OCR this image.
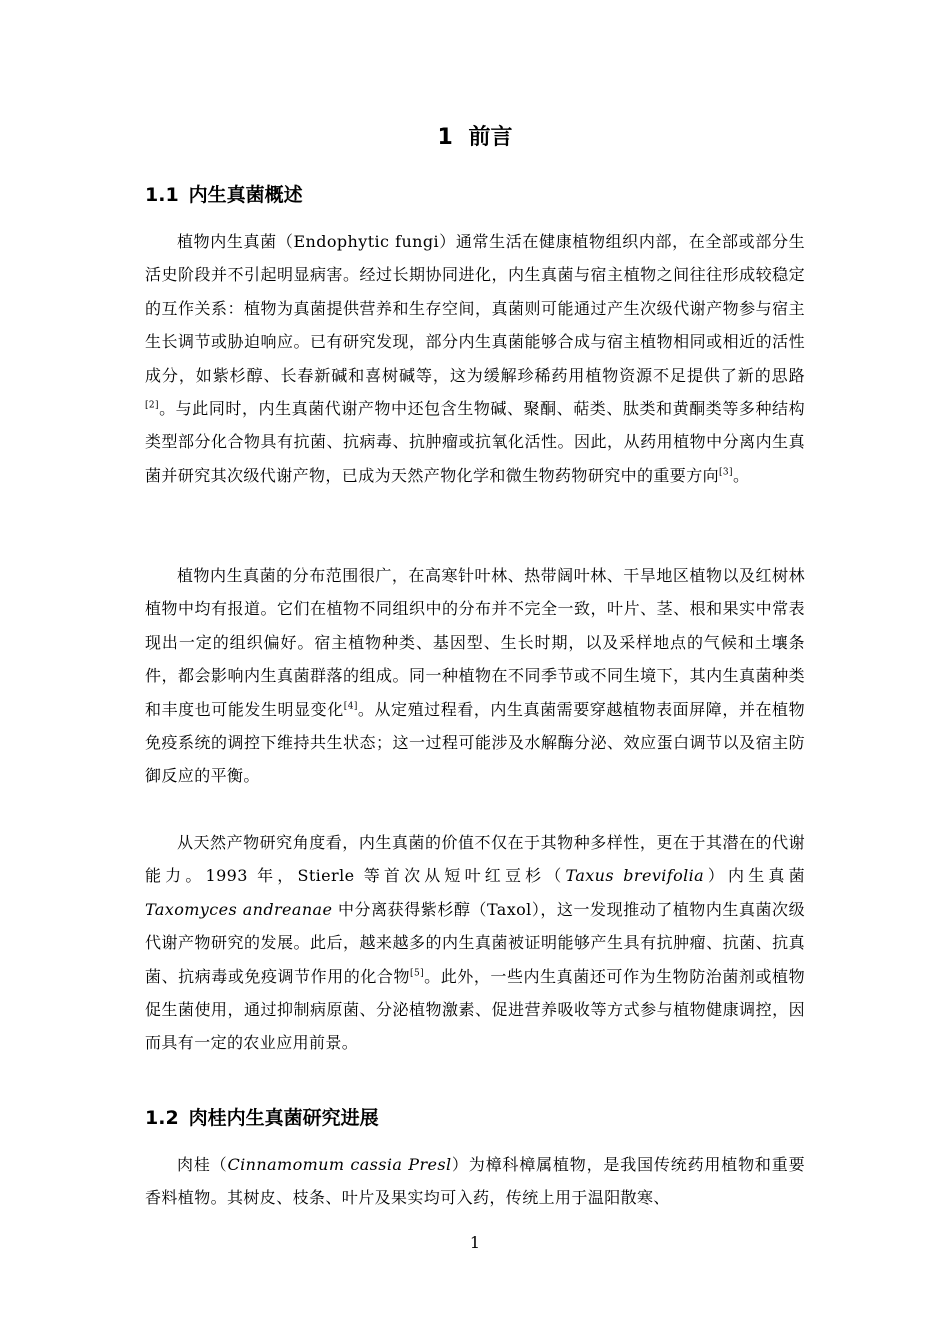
1 前言
1.1 内生真菌概述

植物内生真菌（Endophytic fungi）通常生活在健康植物组织内部，在全部或部分生活史阶段并不引起明显病害。经过长期协同进化，内生真菌与宿主植物之间往往形成较稳定的互作关系：植物为真菌提供营养和生存空间，真菌则可能通过产生次级代谢产物参与宿主生长调节或胁迫响应。已有研究发现，部分内生真菌能够合成与宿主植物相同或相近的活性成分，如紫杉醇、长春新碱和喜树碱等，这为缓解珍稀药用植物资源不足提供了新的思路[2]。与此同时，内生真菌代谢产物中还包含生物碱、聚酮、萜类、肽类和黄酮类等多种结构类型部分化合物具有抗菌、抗病毒、抗肿瘤或抗氧化活性。因此，从药用植物中分离内生真菌并研究其次级代谢产物，已成为天然产物化学和微生物药物研究中的重要方向[3]。

植物内生真菌的分布范围很广，在高寒针叶林、热带阔叶林、干旱地区植物以及红树林植物中均有报道。它们在植物不同组织中的分布并不完全一致，叶片、茎、根和果实中常表现出一定的组织偏好。宿主植物种类、基因型、生长时期，以及采样地点的气候和土壤条件，都会影响内生真菌群落的组成。同一种植物在不同季节或不同生境下，其内生真菌种类和丰度也可能发生明显变化[4]。从定殖过程看，内生真菌需要穿越植物表面屏障，并在植物免疫系统的调控下维持共生状态；这一过程可能涉及水解酶分泌、效应蛋白调节以及宿主防御反应的平衡。

从天然产物研究角度看，内生真菌的价值不仅在于其物种多样性，更在于其潜在的代谢能力。1993 年，Stierle 等首次从短叶红豆杉（Taxus brevifolia）内生真菌 Taxomyces andreanae 中分离获得紫杉醇（Taxol），这一发现推动了植物内生真菌次级代谢产物研究的发展。此后，越来越多的内生真菌被证明能够产生具有抗肿瘤、抗菌、抗真菌、抗病毒或免疫调节作用的化合物[5]。此外，一些内生真菌还可作为生物防治菌剂或植物促生菌使用，通过抑制病原菌、分泌植物激素、促进营养吸收等方式参与植物健康调控，因而具有一定的农业应用前景。

1.2 肉桂内生真菌研究进展

肉桂（Cinnamomum cassia Presl）为樟科樟属植物，是我国传统药用植物和重要香料植物。其树皮、枝条、叶片及果实均可入药，传统上用于温阳散寒、

1
